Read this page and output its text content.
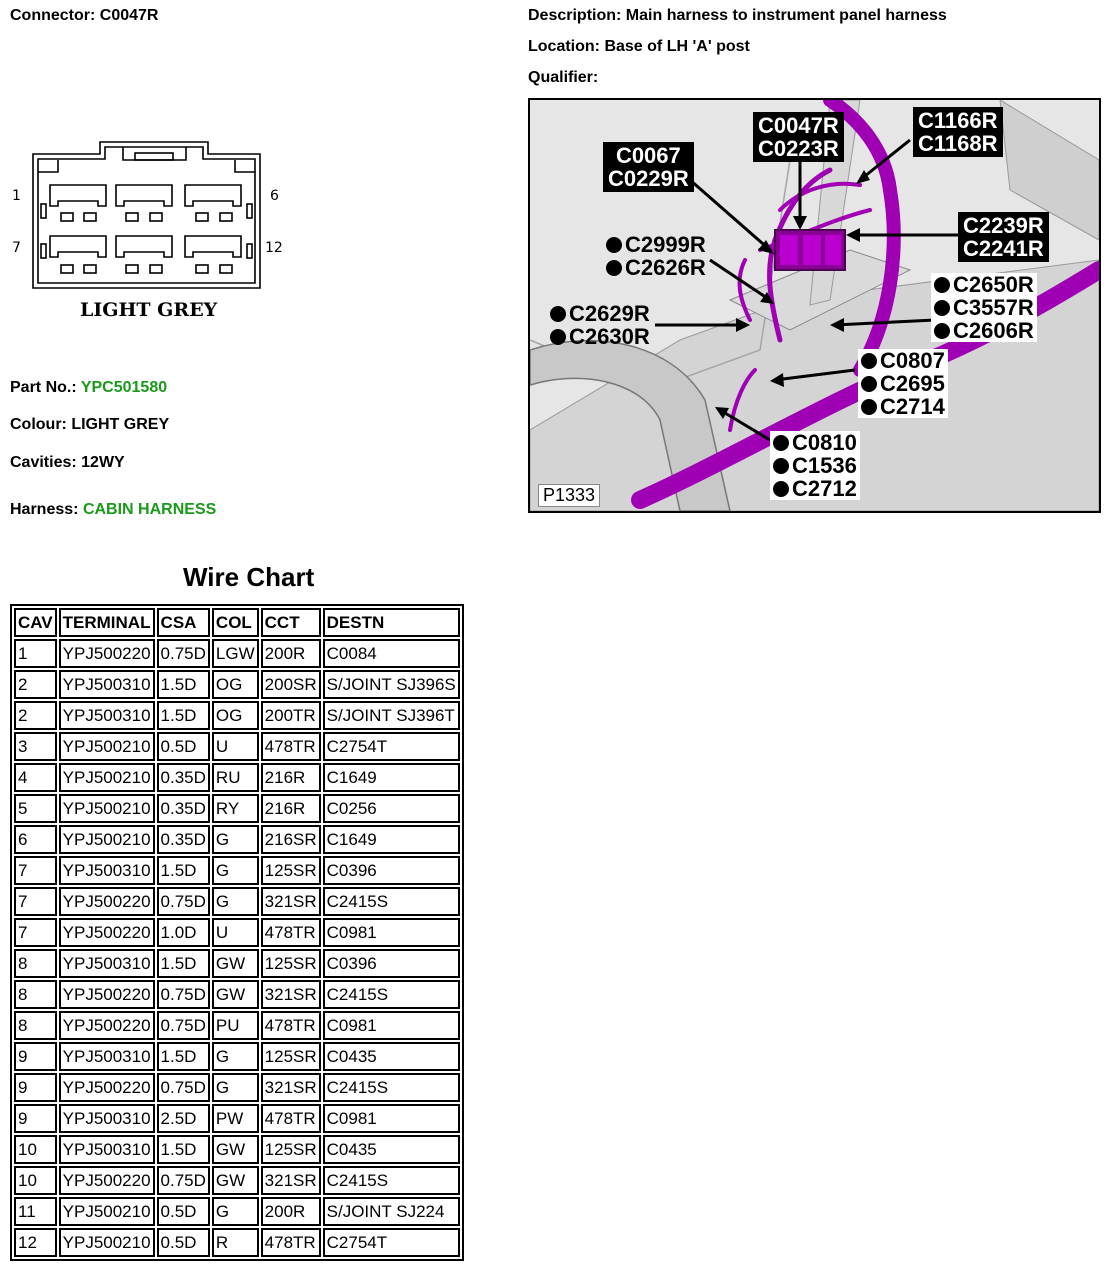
Connector: C0047R	Description: Main harness to instrument panel harness
Location: Base of LH 'A' post
Qualifier:
1	6
7	12
LIGHT GREY
Part No.: YPC501580
Colour: LIGHT GREY
Cavities: 12WY
Harness: CABIN HARNESS
C0067
C0229R
C0047R
C0223R
C1166R
C1168R
C2239R
C2241R
C2999R
C2626R
C2629R
C2630R
C2650R
C3557R
C2606R
C0807
C2695
C2714
C0810
C1536
C2712
P1333
Wire Chart
CAV	TERMINAL	CSA	COL	CCT	DESTN
1	YPJ500220	0.75D	LGW	200R	C0084
2	YPJ500310	1.5D	OG	200SR	S/JOINT SJ396S
2	YPJ500310	1.5D	OG	200TR	S/JOINT SJ396T
3	YPJ500210	0.5D	U	478TR	C2754T
4	YPJ500210	0.35D	RU	216R	C1649
5	YPJ500210	0.35D	RY	216R	C0256
6	YPJ500210	0.35D	G	216SR	C1649
7	YPJ500310	1.5D	G	125SR	C0396
7	YPJ500220	0.75D	G	321SR	C2415S
7	YPJ500220	1.0D	U	478TR	C0981
8	YPJ500310	1.5D	GW	125SR	C0396
8	YPJ500220	0.75D	GW	321SR	C2415S
8	YPJ500220	0.75D	PU	478TR	C0981
9	YPJ500310	1.5D	G	125SR	C0435
9	YPJ500220	0.75D	G	321SR	C2415S
9	YPJ500310	2.5D	PW	478TR	C0981
10	YPJ500310	1.5D	GW	125SR	C0435
10	YPJ500220	0.75D	GW	321SR	C2415S
11	YPJ500210	0.5D	G	200R	S/JOINT SJ224
12	YPJ500210	0.5D	R	478TR	C2754T
